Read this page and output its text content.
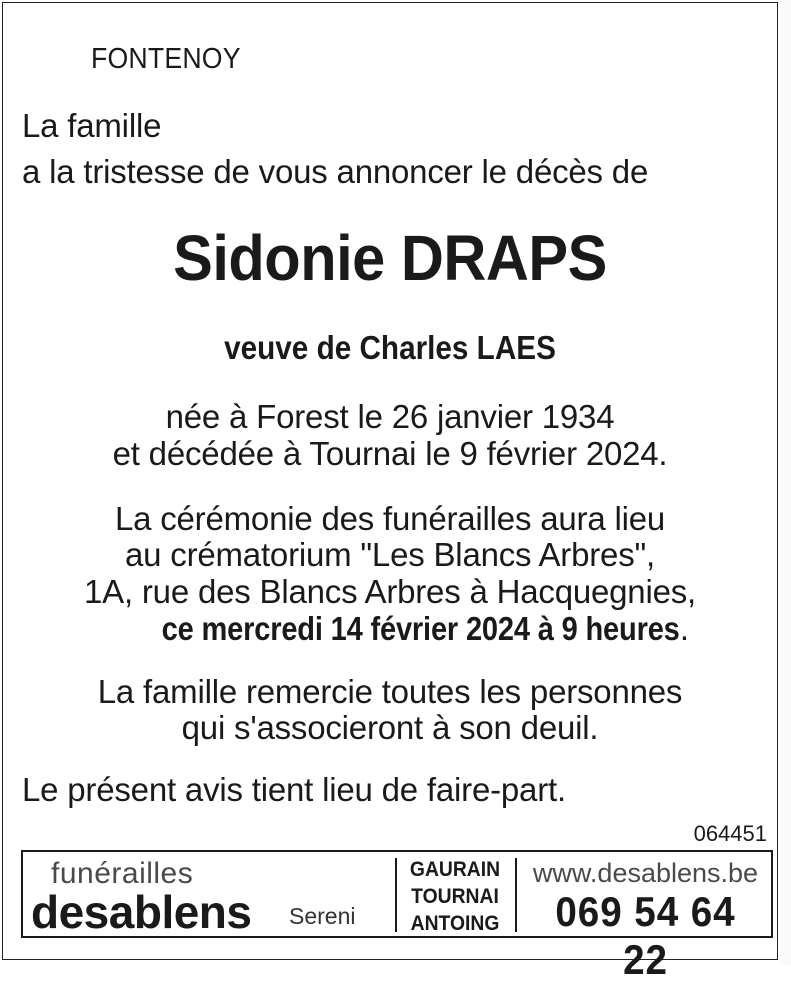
FONTENOY
La famille
a la tristesse de vous annoncer le décès de
Sidonie DRAPS
veuve de Charles LAES
née à Forest le 26 janvier 1934
et décédée à Tournai le 9 février 2024.
La cérémonie des funérailles aura lieu
au crématorium "Les Blancs Arbres",
1A, rue des Blancs Arbres à Hacquegnies,
ce mercredi 14 février 2024 à 9 heures.
La famille remercie toutes les personnes
qui s'associeront à son deuil.
Le présent avis tient lieu de faire-part.
064451
funérailles
desablens Sereni
GAURAIN
TOURNAI
ANTOING
www.desablens.be
069 54 64 22
